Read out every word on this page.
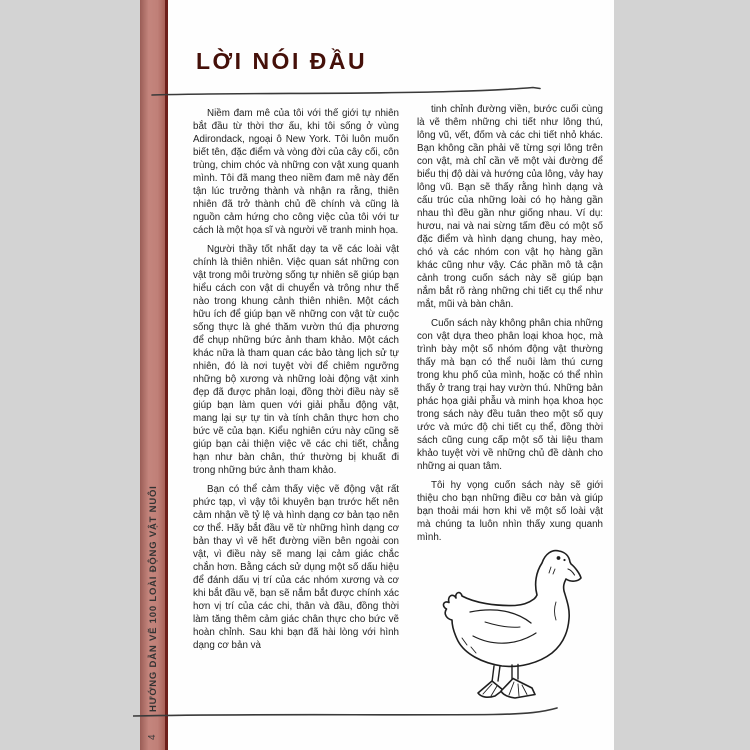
HƯỚNG DẪN VẼ 100 LOÀI ĐỘNG VẬT NUÔI
4
LỜI NÓI ĐẦU

Niềm đam mê của tôi với thế giới tự nhiên bắt đầu từ thời thơ ấu, khi tôi sống ở vùng Adirondack, ngoại ô New York. Tôi luôn muốn biết tên, đặc điểm và vòng đời của cây cối, côn trùng, chim chóc và những con vật xung quanh mình. Tôi đã mang theo niềm đam mê này đến tận lúc trưởng thành và nhận ra rằng, thiên nhiên đã trở thành chủ đề chính và cũng là nguồn cảm hứng cho công việc của tôi với tư cách là một họa sĩ và người vẽ tranh minh họa.

Người thầy tốt nhất dạy ta vẽ các loài vật chính là thiên nhiên. Việc quan sát những con vật trong môi trường sống tự nhiên sẽ giúp bạn hiểu cách con vật di chuyển và trông như thế nào trong khung cảnh thiên nhiên. Một cách hữu ích để giúp bạn vẽ những con vật từ cuộc sống thực là ghé thăm vườn thú địa phương để chụp những bức ảnh tham khảo. Một cách khác nữa là tham quan các bảo tàng lịch sử tự nhiên, đó là nơi tuyệt vời để chiêm ngưỡng những bộ xương và những loài động vật xinh đẹp đã được phân loại, đồng thời điều này sẽ giúp bạn làm quen với giải phẫu động vật, mang lại sự tự tin và tính chân thực hơn cho bức vẽ của bạn. Kiểu nghiên cứu này cũng sẽ giúp bạn cải thiện việc vẽ các chi tiết, chẳng hạn như bàn chân, thứ thường bị khuất đi trong những bức ảnh tham khảo.

Bạn có thể cảm thấy việc vẽ động vật rất phức tạp, vì vậy tôi khuyên bạn trước hết nên cảm nhận về tỷ lệ và hình dạng cơ bản tạo nên cơ thể. Hãy bắt đầu vẽ từ những hình dạng cơ bản thay vì vẽ hết đường viền bên ngoài con vật, vì điều này sẽ mang lại cảm giác chắc chắn hơn. Bằng cách sử dụng một số dấu hiệu để đánh dấu vị trí của các nhóm xương và cơ khi bắt đầu vẽ, bạn sẽ nắm bắt được chính xác hơn vị trí của các chi, thân và đầu, đồng thời làm tăng thêm cảm giác chân thực cho bức vẽ hoàn chỉnh. Sau khi bạn đã hài lòng với hình dạng cơ bản và

tinh chỉnh đường viền, bước cuối cùng là vẽ thêm những chi tiết như lông thú, lông vũ, vết, đốm và các chi tiết nhỏ khác. Bạn không cần phải vẽ từng sợi lông trên con vật, mà chỉ cần vẽ một vài đường để biểu thị độ dài và hướng của lông, vảy hay lông vũ. Bạn sẽ thấy rằng hình dạng và cấu trúc của những loài có họ hàng gần nhau thì đều gần như giống nhau. Ví dụ: hươu, nai và nai sừng tấm đều có một số đặc điểm và hình dạng chung, hay mèo, chó và các nhóm con vật họ hàng gần khác cũng như vậy. Các phần mô tả cận cảnh trong cuốn sách này sẽ giúp bạn nắm bắt rõ ràng những chi tiết cụ thể như mắt, mũi và bàn chân.

Cuốn sách này không phân chia những con vật dựa theo phân loại khoa học, mà trình bày một số nhóm động vật thường thấy mà bạn có thể nuôi làm thú cưng trong khu phố của mình, hoặc có thể nhìn thấy ở trang trại hay vườn thú. Những bản phác họa giải phẫu và minh họa khoa học trong sách này đều tuân theo một số quy ước và mức độ chi tiết cụ thể, đồng thời sách cũng cung cấp một số tài liệu tham khảo tuyệt vời về những chủ đề dành cho những ai quan tâm.

Tôi hy vọng cuốn sách này sẽ giới thiệu cho bạn những điều cơ bản và giúp bạn thoải mái hơn khi vẽ một số loài vật mà chúng ta luôn nhìn thấy xung quanh mình.
